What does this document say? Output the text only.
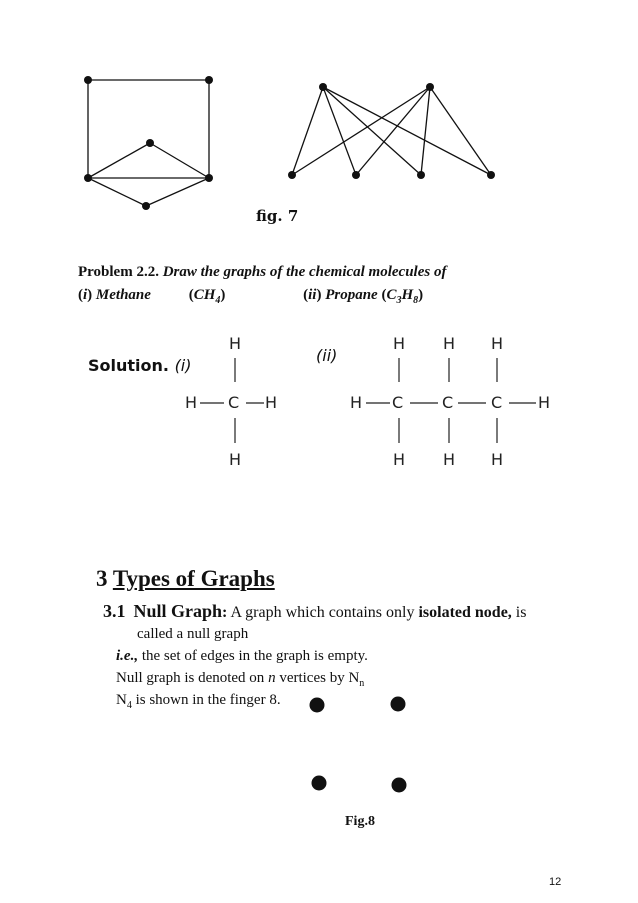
fig. 7
Problem 2.2. Draw the graphs of the chemical molecules of
(i) Methane	$(CH_4)$	(ii) Propane $(C_3H_8)$
Solution. (i)
(ii)
H
H C H
H
H H H
H C C C H
H H H
3 Types of Graphs
3.1 Null Graph: A graph which contains only isolated node, is
called a null graph
i.e., the set of edges in the graph is empty.
Null graph is denoted on n vertices by $N_n$
$N_4$ is shown in the finger 8.
Fig.8
12
